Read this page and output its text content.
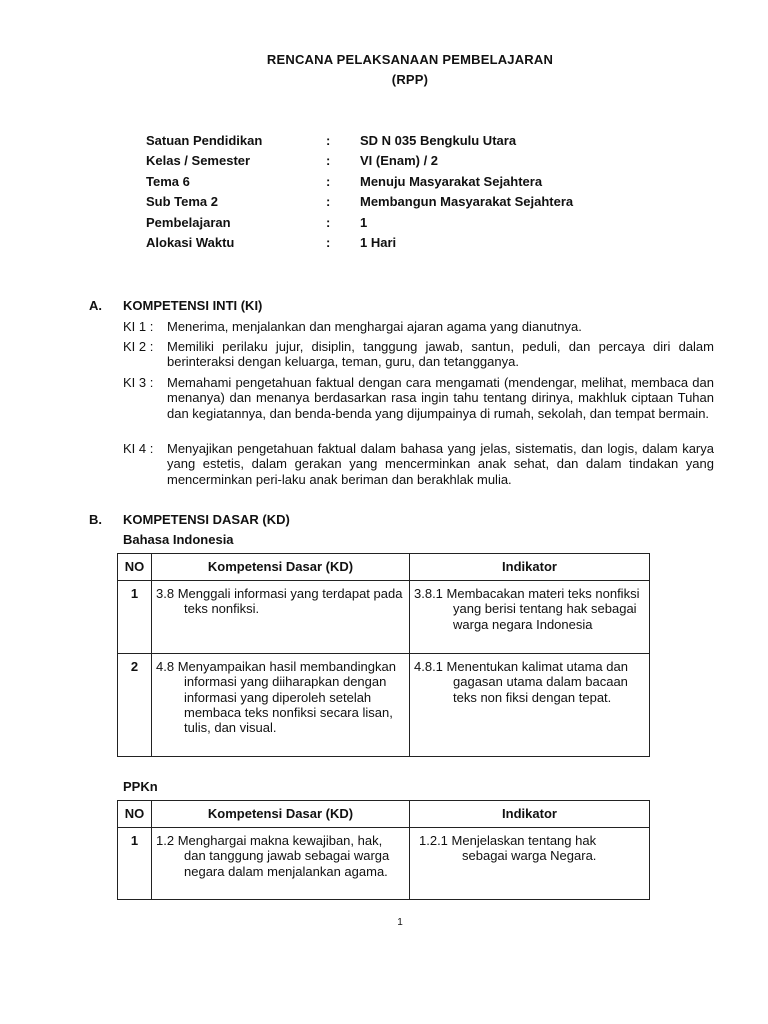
RENCANA PELAKSANAAN PEMBELAJARAN
(RPP)
Satuan Pendidikan	: SD N 035 Bengkulu Utara
Kelas / Semester	: VI (Enam) / 2
Tema 6	: Menuju Masyarakat Sejahtera
Sub Tema 2	: Membangun Masyarakat Sejahtera
Pembelajaran	: 1
Alokasi Waktu	: 1 Hari
A. KOMPETENSI INTI (KI)
KI 1 : Menerima, menjalankan dan menghargai ajaran agama yang dianutnya.
KI 2 : Memiliki perilaku jujur, disiplin, tanggung jawab, santun, peduli, dan percaya diri dalam berinteraksi dengan keluarga, teman, guru, dan tetangganya.
KI 3 : Memahami pengetahuan faktual dengan cara mengamati (mendengar, melihat, membaca dan menanya) dan menanya berdasarkan rasa ingin tahu tentang dirinya, makhluk ciptaan Tuhan dan kegiatannya, dan benda-benda yang dijumpainya di rumah, sekolah, dan tempat bermain.
KI 4 : Menyajikan pengetahuan faktual dalam bahasa yang jelas, sistematis, dan logis, dalam karya yang estetis, dalam gerakan yang mencerminkan anak sehat, dan dalam tindakan yang mencerminkan peri-laku anak beriman dan berakhlak mulia.
B. KOMPETENSI DASAR (KD)
Bahasa Indonesia
NO	Kompetensi Dasar (KD)	Indikator
1	3.8 Menggali informasi yang terdapat pada teks nonfiksi.	3.8.1 Membacakan materi teks nonfiksi yang berisi tentang hak sebagai warga negara Indonesia

2	4.8 Menyampaikan hasil membandingkan informasi yang diiharapkan dengan informasi yang diperoleh setelah membaca teks nonfiksi secara lisan, tulis, dan visual.	4.8.1 Menentukan kalimat utama dan gagasan utama dalam bacaan teks non fiksi dengan tepat.
PPKn
NO	Kompetensi Dasar (KD)	Indikator
1	1.2 Menghargai makna kewajiban, hak, dan tanggung jawab sebagai warga negara dalam menjalankan agama.	1.2.1 Menjelaskan tentang hak sebagai warga Negara.
1
